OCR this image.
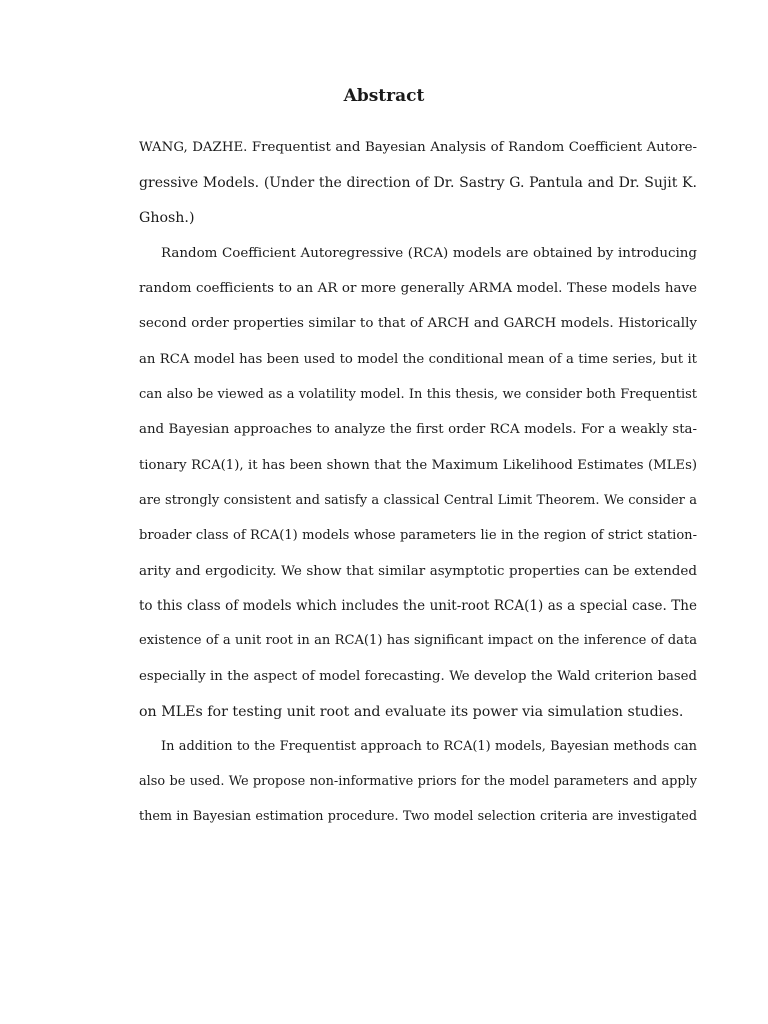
Abstract
WANG, DAZHE. Frequentist and Bayesian Analysis of Random Coefficient Autore-
gressive Models. (Under the direction of Dr. Sastry G. Pantula and Dr. Sujit K.
Ghosh.)
Random Coefficient Autoregressive (RCA) models are obtained by introducing
random coefficients to an AR or more generally ARMA model. These models have
second order properties similar to that of ARCH and GARCH models. Historically
an RCA model has been used to model the conditional mean of a time series, but it
can also be viewed as a volatility model. In this thesis, we consider both Frequentist
and Bayesian approaches to analyze the first order RCA models. For a weakly sta-
tionary RCA(1), it has been shown that the Maximum Likelihood Estimates (MLEs)
are strongly consistent and satisfy a classical Central Limit Theorem. We consider a
broader class of RCA(1) models whose parameters lie in the region of strict station-
arity and ergodicity. We show that similar asymptotic properties can be extended
to this class of models which includes the unit-root RCA(1) as a special case. The
existence of a unit root in an RCA(1) has significant impact on the inference of data
especially in the aspect of model forecasting. We develop the Wald criterion based
on MLEs for testing unit root and evaluate its power via simulation studies.
In addition to the Frequentist approach to RCA(1) models, Bayesian methods can
also be used. We propose non-informative priors for the model parameters and apply
them in Bayesian estimation procedure. Two model selection criteria are investigated
